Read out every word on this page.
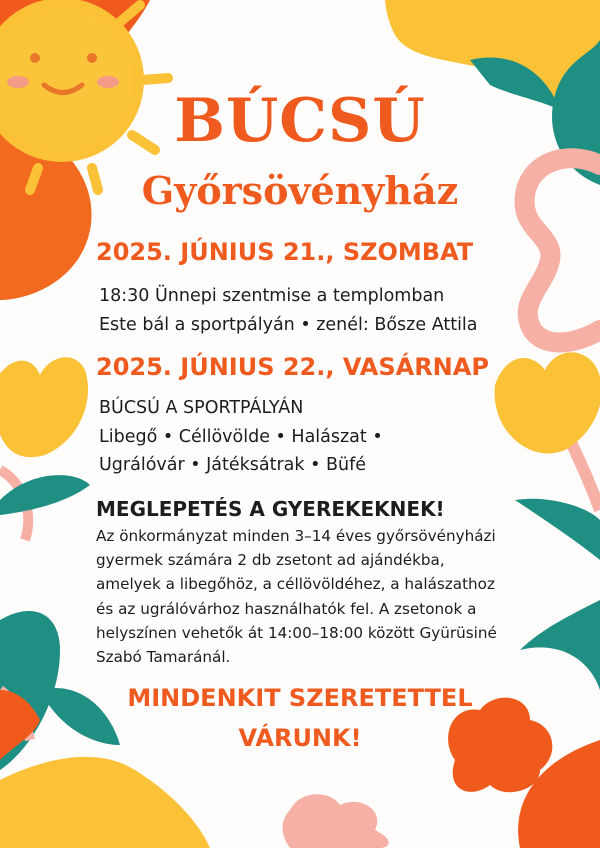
BÚCSÚ
Győrsövényház
2025. JÚNIUS 21., SZOMBAT
18:30 Ünnepi szentmise a templomban
Este bál a sportpályán • zenél: Bősze Attila
2025. JÚNIUS 22., VASÁRNAP
BÚCSÚ A SPORTPÁLYÁN
Libegő • Céllövölde • Halászat •
Ugrálóvár • Játéksátrak • Büfé
MEGLEPETÉS A GYEREKEKNEK!
Az önkormányzat minden 3–14 éves győrsövényházi
gyermek számára 2 db zsetont ad ajándékba,
amelyek a libegőhöz, a céllövöldéhez, a halászathoz
és az ugrálóvárhoz használhatók fel. A zsetonok a
helyszínen vehetők át 14:00–18:00 között Gyürüsiné
Szabó Tamaránál.
MINDENKIT SZERETETTEL
VÁRUNK!
